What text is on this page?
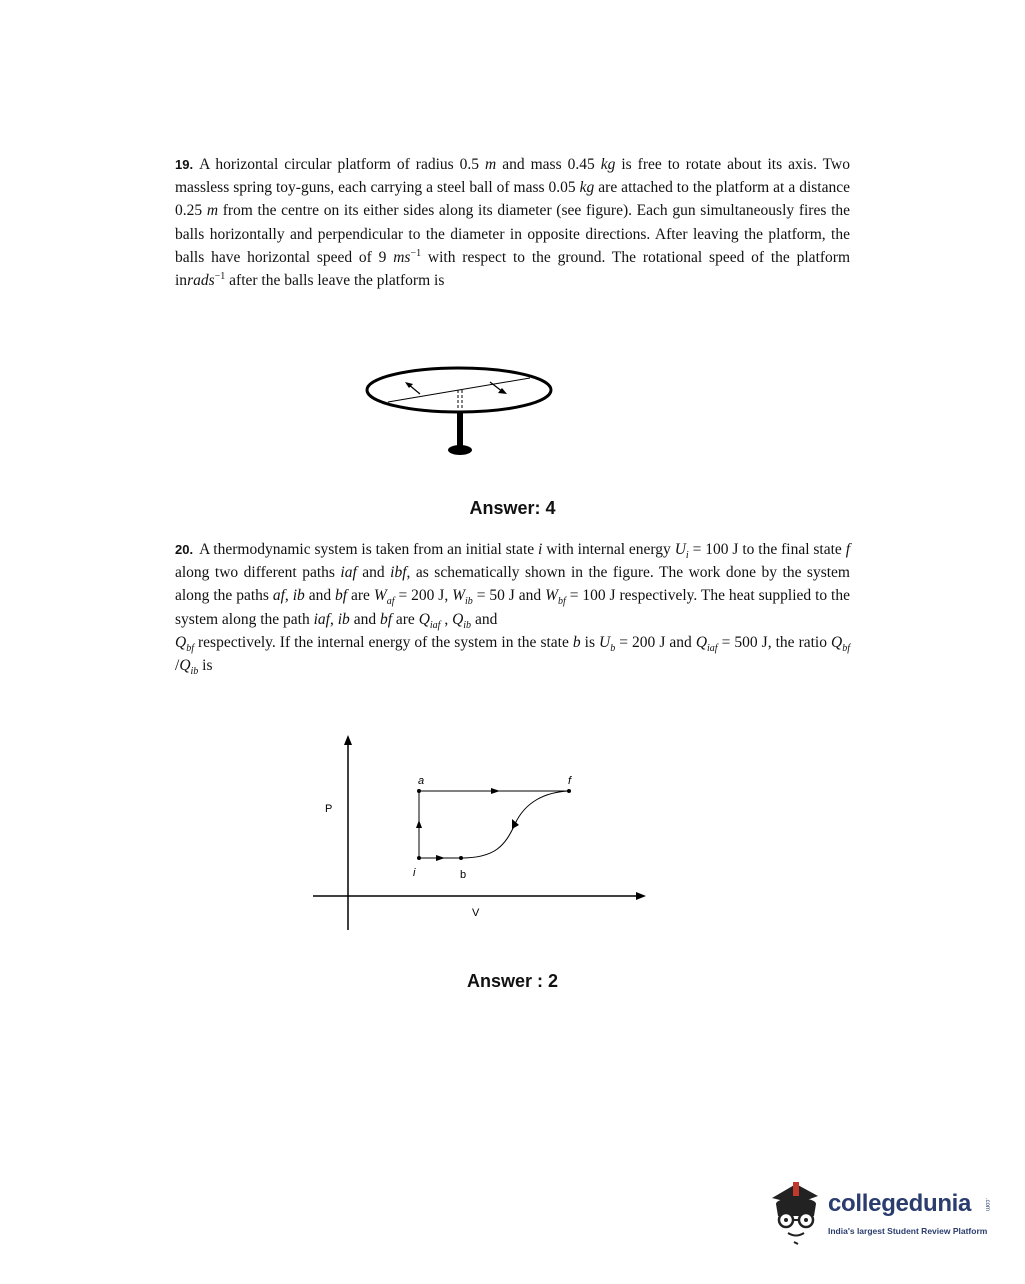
19. A horizontal circular platform of radius 0.5 m and mass 0.45 kg is free to rotate about its axis. Two massless spring toy-guns, each carrying a steel ball of mass 0.05 kg are attached to the platform at a distance 0.25 m from the centre on its either sides along its diameter (see figure). Each gun simultaneously fires the balls horizontally and perpendicular to the diameter in opposite directions. After leaving the platform, the balls have horizontal speed of 9 $ms^{-1}$ with respect to the ground. The rotational speed of the platform inrads$^{-1}$ after the balls leave the platform is
Answer: 4
20. A thermodynamic system is taken from an initial state i with internal energy $U_i = 100$ J to the final state f along two different paths iaf and ibf, as schematically shown in the figure. The work done by the system along the paths af, ib and bf are $W_{af} = 200$ J, $W_{ib} = 50$ J and $W_{bf} = 100$ J respectively. The heat supplied to the system along the path iaf, ib and bf are $Q_{iaf}$ , $Q_{ib}$ and
$Q_{bf}$ respectively. If the internal energy of the system in the state b is $U_b = 200$ J and $Q_{iaf} = 500$ J, the ratio $Q_{bf}$ $/Q_{ib}$ is
P
V
a	f
i	b
Answer : 2
collegedunia .com
India's largest Student Review Platform
